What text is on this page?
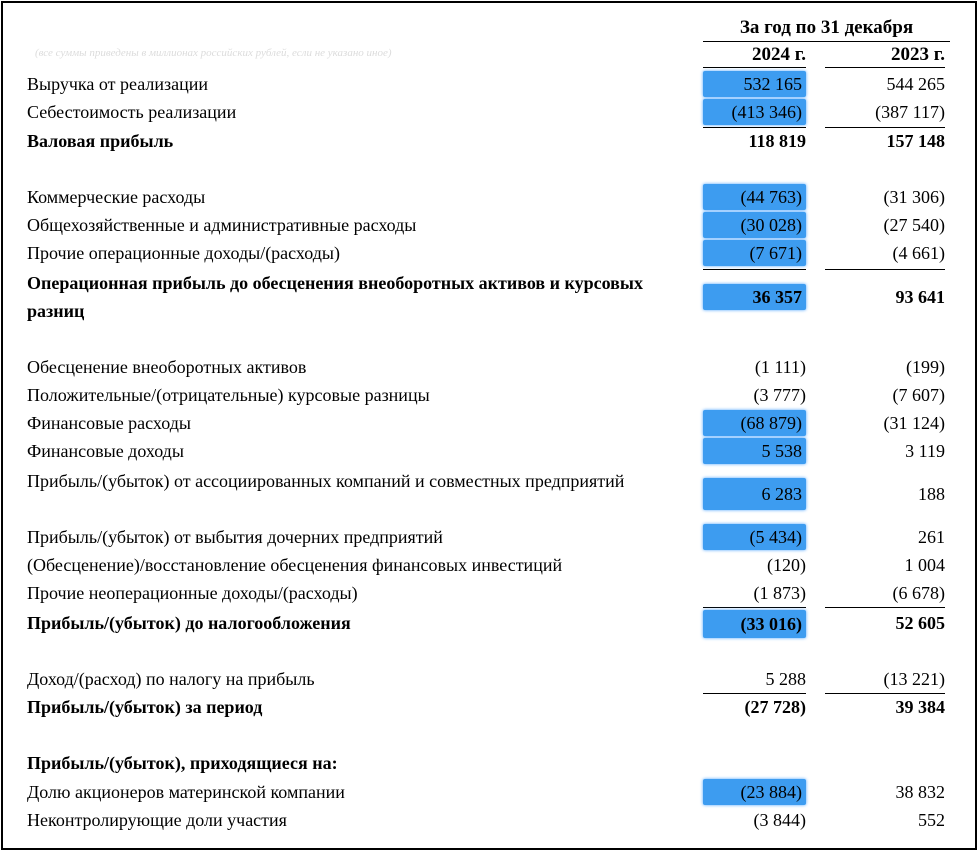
За год по 31 декабря
(все суммы приведены в миллионах российских рублей, если не указано иное)	2024 г.	2023 г.
Выручка от реализации	532 165	544 265
Себестоимость реализации	(413 346)	(387 117)
Валовая прибыль	118 819	157 148
Коммерческие расходы	(44 763)	(31 306)
Общехозяйственные и административные расходы	(30 028)	(27 540)
Прочие операционные доходы/(расходы)	(7 671)	(4 661)
Операционная прибыль до обесценения внеоборотных активов и курсовых разниц
36 357	93 641
Обесценение внеоборотных активов	(1 111)	(199)
Положительные/(отрицательные) курсовые разницы	(3 777)	(7 607)
Финансовые расходы	(68 879)	(31 124)
Финансовые доходы	5 538	3 119
Прибыль/(убыток) от ассоциированных компаний и совместных предприятий
6 283	188
Прибыль/(убыток) от выбытия дочерних предприятий	(5 434)	261
(Обесценение)/восстановление обесценения финансовых инвестиций	(120)	1 004
Прочие неоперационные доходы/(расходы)	(1 873)	(6 678)
Прибыль/(убыток) до налогообложения	(33 016)	52 605
Доход/(расход) по налогу на прибыль	5 288	(13 221)
Прибыль/(убыток) за период	(27 728)	39 384
Прибыль/(убыток), приходящиеся на:
Долю акционеров материнской компании	(23 884)	38 832
Неконтролирующие доли участия	(3 844)	552
